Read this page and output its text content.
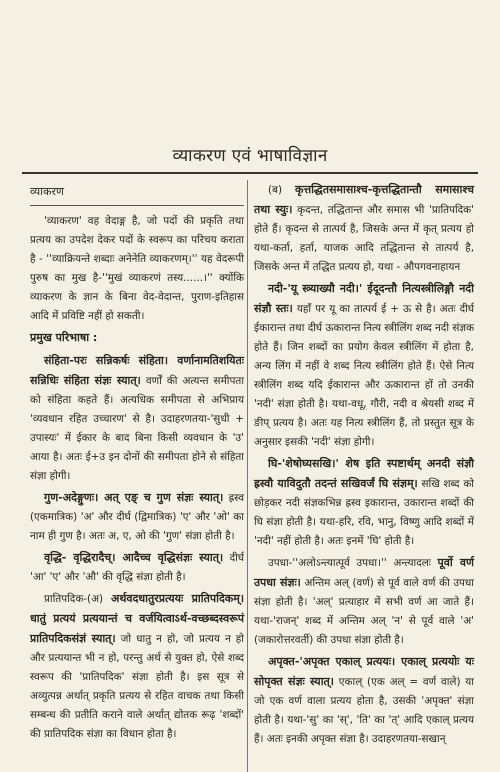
व्याकरण एवं भाषाविज्ञान
व्याकरण

'व्याकरण' वह वेदाङ्ग है, जो पदों की प्रकृति तथा प्रत्यय का उपदेश देकर पदों के स्वरूप का परिचय कराता है - ''व्याक्रियन्ते शब्दाः अनेनेति व्याकरणम्।'' यह वेदरूपी पुरुष का मुख है-''मुखं व्याकरणं तस्य......।'' क्योंकि व्याकरण के ज्ञान के बिना वेद-वेदान्त, पुराण-इतिहास आदि में प्रविष्टि नहीं हो सकती।

प्रमुख परिभाषा :

संहिता-परः सन्निकर्षः संहिता। वर्णानामतिशयितः सन्निधिः संहिता संज्ञः स्यात्। वर्णों की अत्यन्त समीपता को संहिता कहते हैं। अत्यधिक समीपता से अभिप्राय 'व्यवधान रहित उच्चारण' से है। उदाहरणतया-'सुधी + उपास्यः' में ईकार के बाद बिना किसी व्यवधान के 'उ' आया है। अतः ई+उ इन दोनों की समीपता होने से संहिता संज्ञा होगी।

गुण-अदेङ्गुणः। अत् एङ् च गुण संज्ञः स्यात्। ह्रस्व (एकमात्रिक) 'अ' और दीर्घ (द्विमात्रिक) 'ए' और 'ओ' का नाम ही गुण है। अतः अ, ए, ओ की 'गुण' संज्ञा होती है।

वृद्धि- वृद्धिरादैच्। आदैच्च वृद्धिसंज्ञः स्यात्। दीर्घ 'आ' 'ए' और 'औ' की वृद्धि संज्ञा होती है।

प्रातिपदिक-(अ) अर्थवदधातुरप्रत्ययः प्रातिपदिकम्। धातुं प्रत्ययं प्रत्ययान्तं च वर्जयित्वाऽर्थ-वच्छब्दस्वरूपं प्रातिपदिकसंज्ञं स्यात्। जो धातु न हो, जो प्रत्यय न हो और प्रत्ययान्त भी न हो, परन्तु अर्थ से युक्त हो, ऐसे शब्द स्वरूप की 'प्रातिपदिक' संज्ञा होती है। इस सूत्र से अव्युत्पन्न अर्थात् प्रकृति प्रत्यय से रहित वाचक तथा किसी सम्बन्ध की प्रतीति कराने वाले अर्थात् द्योतक रूढ़ 'शब्दों' की प्रातिपदिक संज्ञा का विधान होता है।

(ब) कृत्तद्धितसमासाश्च-कृत्तद्धितान्तौ समासाश्च तथा स्युः। कृदन्त, तद्धितान्त और समास भी 'प्रातिपदिक' होते हैं। कृदन्त से तात्पर्य है, जिसके अन्त में कृत् प्रत्यय हो यथा-कर्ता, हर्ता, याजक आदि तद्धितान्त से तात्पर्य है, जिसके अन्त में तद्धित प्रत्यय हो, यथा - औपगवनाहायन

नदी-'यू स्त्र्याख्यौ नदी।' ईदूदन्तौ नित्यस्त्रीलिङ्गौ नदी संज्ञौ स्तः। यहाँ पर यू का तात्पर्य ई + ऊ से है। अतः दीर्घ ईकारान्त तथा दीर्घ ऊकारान्त नित्य स्त्रीलिंग शब्द नदी संज्ञक होते हैं। जिन शब्दों का प्रयोग केवल स्त्रीलिंग में होता है, अन्य लिंग में नहीं वे शब्द नित्य स्त्रीलिंग होते हैं। ऐसे नित्य स्त्रीलिंग शब्द यदि ईकारान्त और ऊकारान्त हों तो उनकी 'नदी' संज्ञा होती है। यथा-वधू, गौरी, नदी व श्रेयसी शब्द में ङीप् प्रत्यय है। अतः यह नित्य स्त्रीलिंग हैं, तो प्रस्तुत सूत्र के अनुसार इसकी 'नदी' संज्ञा होगी।

घि-'शेषोघ्यसखि।' शेष इति स्पष्टार्थम् अनदी संज्ञौ ह्रस्वौ याविदुतौ तदन्तं सखिवर्जं घि संज्ञम्। सखि शब्द को छोड़कर नदी संज्ञकभिन्न ह्रस्व इकारान्त, उकारान्त शब्दों की घि संज्ञा होती है। यथा-हरि, रवि, भानु, विष्णु आदि शब्दों में 'नदी' नहीं होती है। अतः इनमें 'घि' होती है।

उपधा-''अलोऽन्त्यात्पूर्व उपधा।'' अन्त्यादलः पूर्वो वर्ण उपधा संज्ञः। अन्तिम अल् (वर्ण) से पूर्व वाले वर्ण की उपधा संज्ञा होती है। 'अल्' प्रत्याहार में सभी वर्ण आ जाते हैं। यथा-'राजन्' शब्द में अन्तिम अल् 'न' से पूर्व वाले 'अ' (जकारोत्तरवर्ती) की उपधा संज्ञा होती है।

अपृक्त-'अपृक्त एकाल् प्रत्ययः। एकाल् प्रत्ययोः यः सोपृक्त संज्ञः स्यात्। एकाल् (एक अल् = वर्ण वाले) या जो एक वर्ण वाला प्रत्यय होता है, उसकी 'अपृक्त' संज्ञा होती है। यथा-'सु' का 'स्', 'ति' का 'त्' आदि एकाल् प्रत्यय हैं। अतः इनकी अपृक्त संज्ञा है। उदाहरणतया-सखान्
